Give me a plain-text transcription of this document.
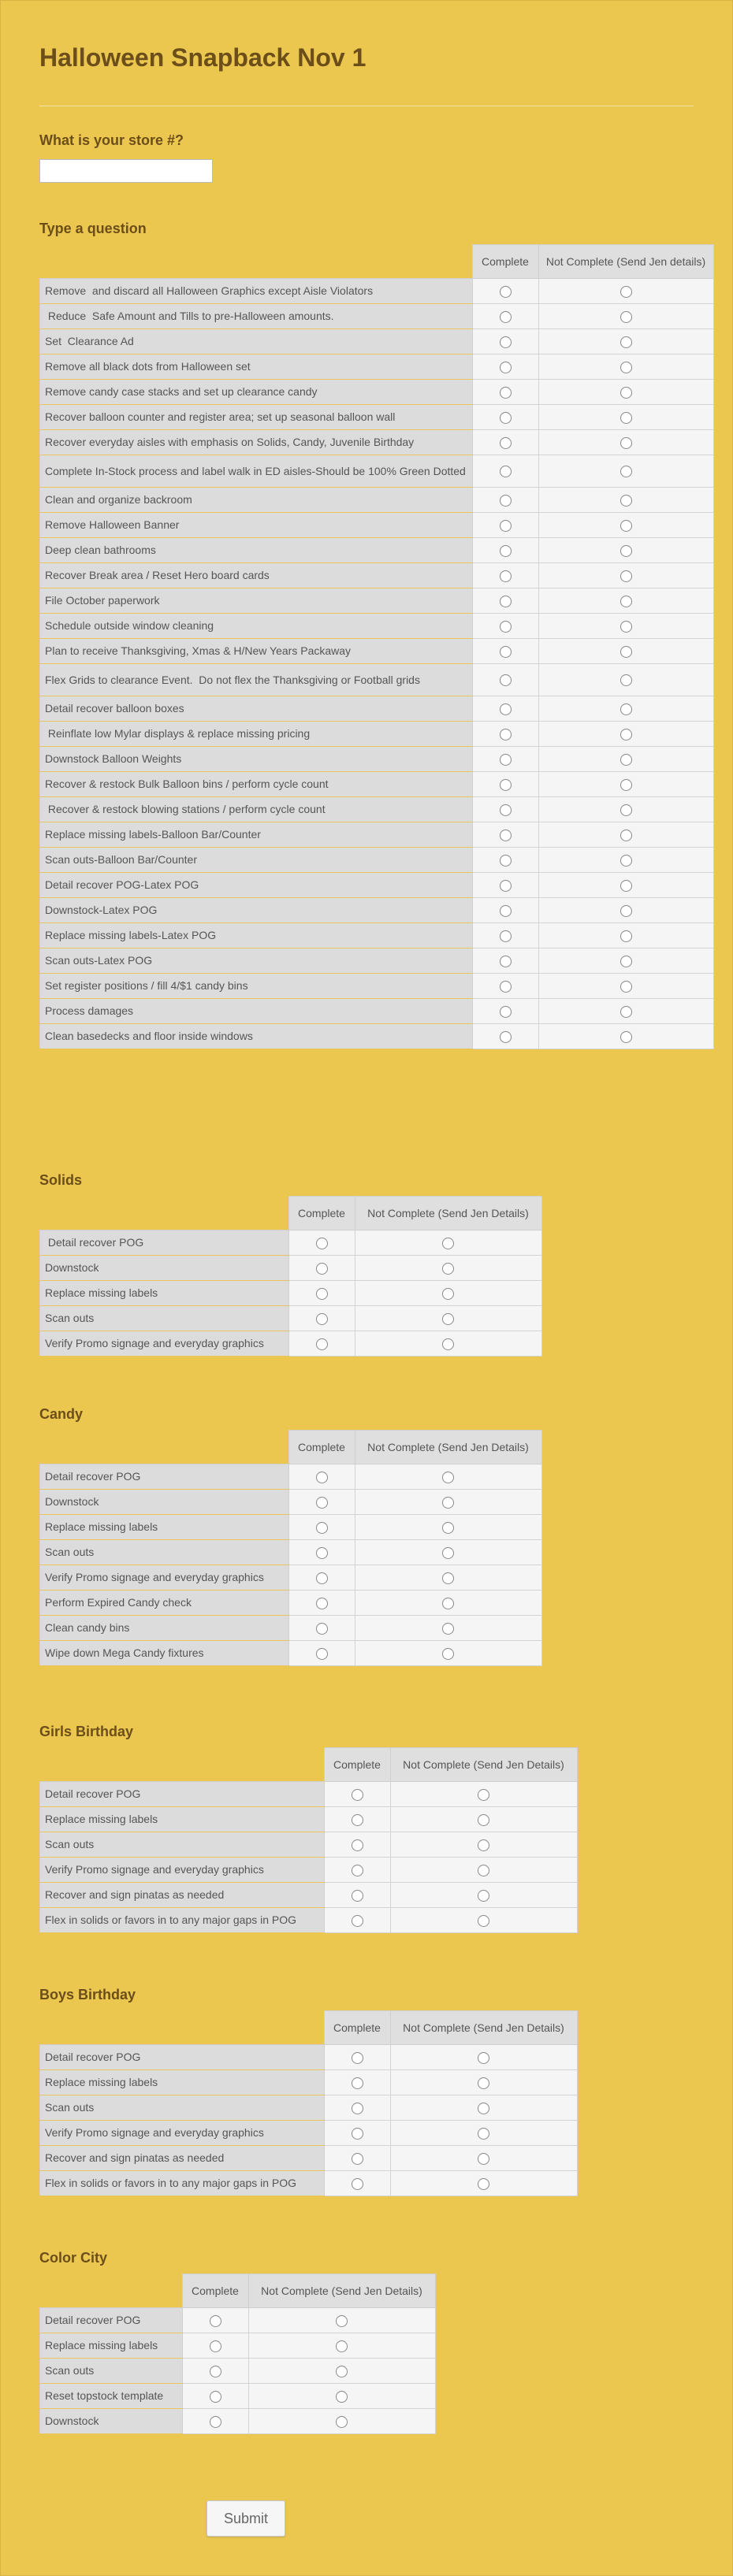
Halloween Snapback Nov 1

What is your store #?

Type a question

	Complete	Not Complete (Send Jen details)
Remove  and discard all Halloween Graphics except Aisle Violators		
Reduce  Safe Amount and Tills to pre-Halloween amounts.		
Set  Clearance Ad		
Remove all black dots from Halloween set		
Remove candy case stacks and set up clearance candy		
Recover balloon counter and register area; set up seasonal balloon wall		
Recover everyday aisles with emphasis on Solids, Candy, Juvenile Birthday		
Complete In-Stock process and label walk in ED aisles-Should be 100% Green Dotted		
Clean and organize backroom		
Remove Halloween Banner		
Deep clean bathrooms		
Recover Break area / Reset Hero board cards		
File October paperwork		
Schedule outside window cleaning		
Plan to receive Thanksgiving, Xmas & H/New Years Packaway		
Flex Grids to clearance Event.  Do not flex the Thanksgiving or Football grids		
Detail recover balloon boxes		
Reinflate low Mylar displays & replace missing pricing		
Downstock Balloon Weights		
Recover & restock Bulk Balloon bins / perform cycle count		
Recover & restock blowing stations / perform cycle count		
Replace missing labels-Balloon Bar/Counter		
Scan outs-Balloon Bar/Counter		
Detail recover POG-Latex POG		
Downstock-Latex POG		
Replace missing labels-Latex POG		
Scan outs-Latex POG		
Set register positions / fill 4/$1 candy bins		
Process damages		
Clean basedecks and floor inside windows		

Solids

	Complete	Not Complete (Send Jen Details)
Detail recover POG		
Downstock		
Replace missing labels		
Scan outs		
Verify Promo signage and everyday graphics		

Candy

	Complete	Not Complete (Send Jen Details)
Detail recover POG		
Downstock		
Replace missing labels		
Scan outs		
Verify Promo signage and everyday graphics		
Perform Expired Candy check		
Clean candy bins		
Wipe down Mega Candy fixtures		

Girls Birthday

	Complete	Not Complete (Send Jen Details)
Detail recover POG		
Replace missing labels		
Scan outs		
Verify Promo signage and everyday graphics		
Recover and sign pinatas as needed		
Flex in solids or favors in to any major gaps in POG		

Boys Birthday

	Complete	Not Complete (Send Jen Details)
Detail recover POG		
Replace missing labels		
Scan outs		
Verify Promo signage and everyday graphics		
Recover and sign pinatas as needed		
Flex in solids or favors in to any major gaps in POG		

Color City

	Complete	Not Complete (Send Jen Details)
Detail recover POG		
Replace missing labels		
Scan outs		
Reset topstock template		
Downstock		
Submit
